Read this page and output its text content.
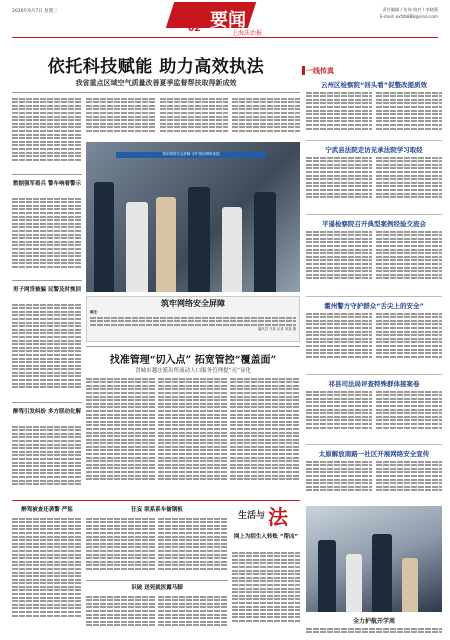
2020年9月7日 星期三
02 要闻
上海法治报
责任编辑 / 张伟 校对 / 李晓燕
E-mail: xxfzb888@sina.com
依托科技赋能 助力高效执法
我省重点区域空气质量改善夏季监督帮扶取得新成效
数据强军看兵 警车响着警示
男子网贷被骗 民警及时挽回
醉驾引发纠纷 多方联动化解
筑牢网络安全屏障 守护美好网络家园
筑牢网络安全屏障
图注：
通讯员 马某 记者 刘某 摄
找准管理“切入点” 拓宽管控“覆盖面”
晋城市越庄派出所流动人口服务管理提“亮”显化
醉驾被查还袭警 严惩	狂妄 联系系车偷钢板
识破 送死就医露马脚
生活与 法
网上为陌生人转账 “帮凶”
一线传真
云州区检察院“回头看”促整改提质效
宁武县法院走访见承法院学习取经
平遥检察院召开典型案例经验交流会
霍州警方守护群众“舌尖上的安全”
祁县司法局评查特殊群体接案卷
太原解放南路一社区开展网络安全宣传
全力护航开学周
